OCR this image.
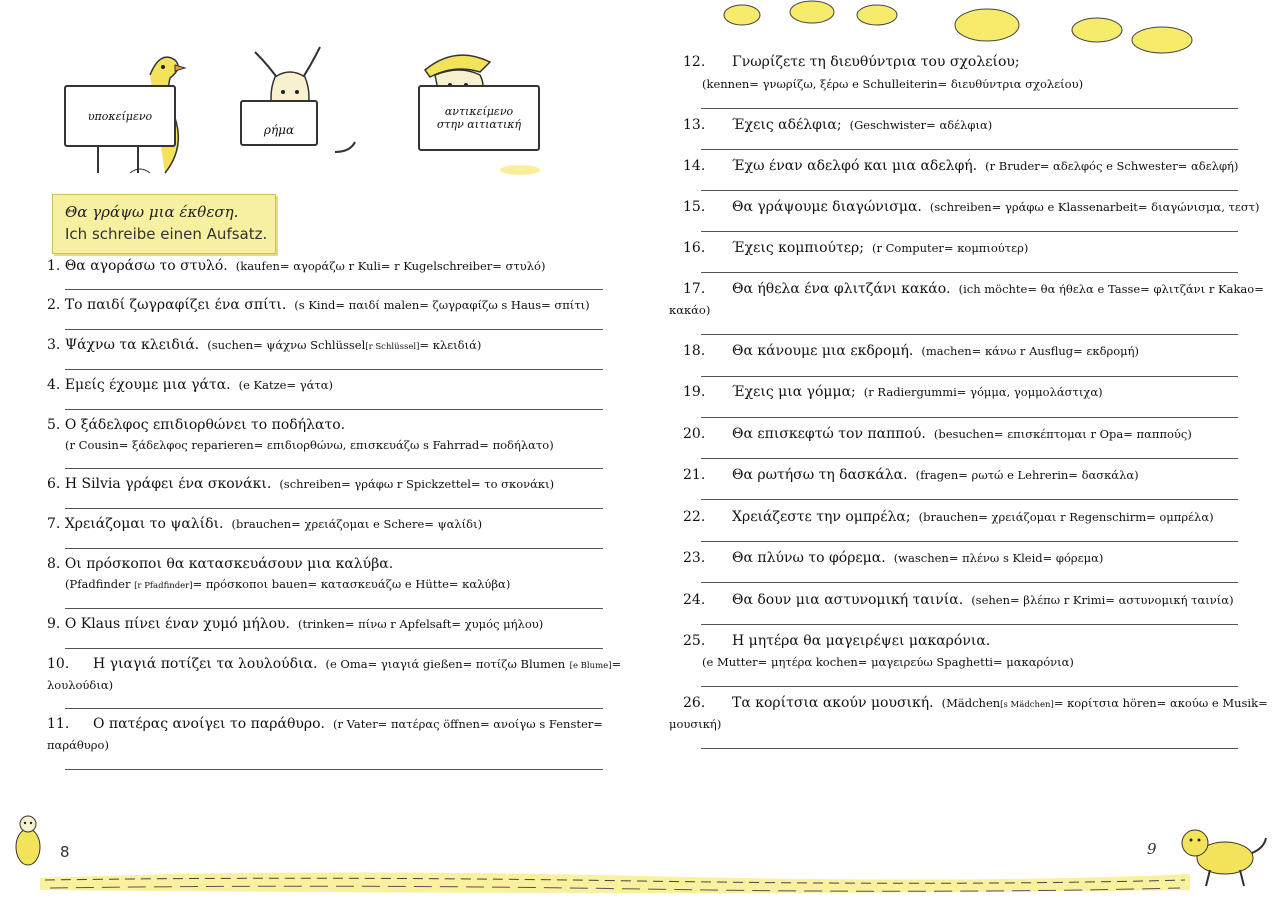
υποκείμενο
ρήμα
αντικείμενο
στην αιτιατική
Θα γράψω μια έκθεση.
Ich schreibe einen Aufsatz.
1. Θα αγοράσω το στυλό. (kaufen= αγοράζω r Kuli= r Kugelschreiber= στυλό)
2. Το παιδί ζωγραφίζει ένα σπίτι. (s Kind= παιδί malen= ζωγραφίζω s Haus= σπίτι)
3. Ψάχνω τα κλειδιά. (suchen= ψάχνω Schlüssel[r Schlüssel]= κλειδιά)
4. Εμείς έχουμε μια γάτα. (e Katze= γάτα)
5. Ο ξάδελφος επιδιορθώνει το ποδήλατο.
(r Cousin= ξάδελφος reparieren= επιδιορθώνω, επισκευάζω s Fahrrad= ποδήλατο)
6. Η Silvia γράφει ένα σκονάκι. (schreiben= γράφω r Spickzettel= το σκονάκι)
7. Χρειάζομαι το ψαλίδι. (brauchen= χρειάζομαι e Schere= ψαλίδι)
8. Οι πρόσκοποι θα κατασκευάσουν μια καλύβα.
(Pfadfinder [r Pfadfinder]= πρόσκοποι bauen= κατασκευάζω e Hütte= καλύβα)
9. Ο Klaus πίνει έναν χυμό μήλου. (trinken= πίνω r Apfelsaft= χυμός μήλου)
10. Η γιαγιά ποτίζει τα λουλούδια. (e Oma= γιαγιά gießen= ποτίζω Blumen [e Blume]=
λουλούδια)
11. Ο πατέρας ανοίγει το παράθυρο. (r Vater= πατέρας öffnen= ανοίγω s Fenster=
παράθυρο)
8
12. Γνωρίζετε τη διευθύντρια του σχολείου;
(kennen= γνωρίζω, ξέρω e Schulleiterin= διευθύντρια σχολείου)
13. Έχεις αδέλφια; (Geschwister= αδέλφια)
14. Έχω έναν αδελφό και μια αδελφή. (r Bruder= αδελφός e Schwester= αδελφή)
15. Θα γράψουμε διαγώνισμα. (schreiben= γράφω e Klassenarbeit= διαγώνισμα, τεστ)
16. Έχεις κομπιούτερ; (r Computer= κομπιούτερ)
17. Θα ήθελα ένα φλιτζάνι κακάο. (ich möchte= θα ήθελα e Tasse= φλιτζάνι r Kakao=
κακάο)
18. Θα κάνουμε μια εκδρομή. (machen= κάνω r Ausflug= εκδρομή)
19. Έχεις μια γόμμα; (r Radiergummi= γόμμα, γομμολάστιχα)
20. Θα επισκεφτώ τον παππού. (besuchen= επισκέπτομαι r Opa= παππούς)
21. Θα ρωτήσω τη δασκάλα. (fragen= ρωτώ e Lehrerin= δασκάλα)
22. Χρειάζεστε την ομπρέλα; (brauchen= χρειάζομαι r Regenschirm= ομπρέλα)
23. Θα πλύνω το φόρεμα. (waschen= πλένω s Kleid= φόρεμα)
24. Θα δουν μια αστυνομική ταινία. (sehen= βλέπω r Krimi= αστυνομική ταινία)
25. Η μητέρα θα μαγειρέψει μακαρόνια.
(e Mutter= μητέρα kochen= μαγειρεύω Spaghetti= μακαρόνια)
26. Τα κορίτσια ακούν μουσική. (Mädchen[s Mädchen]= κορίτσια hören= ακούω e Musik=
μουσική)
9
